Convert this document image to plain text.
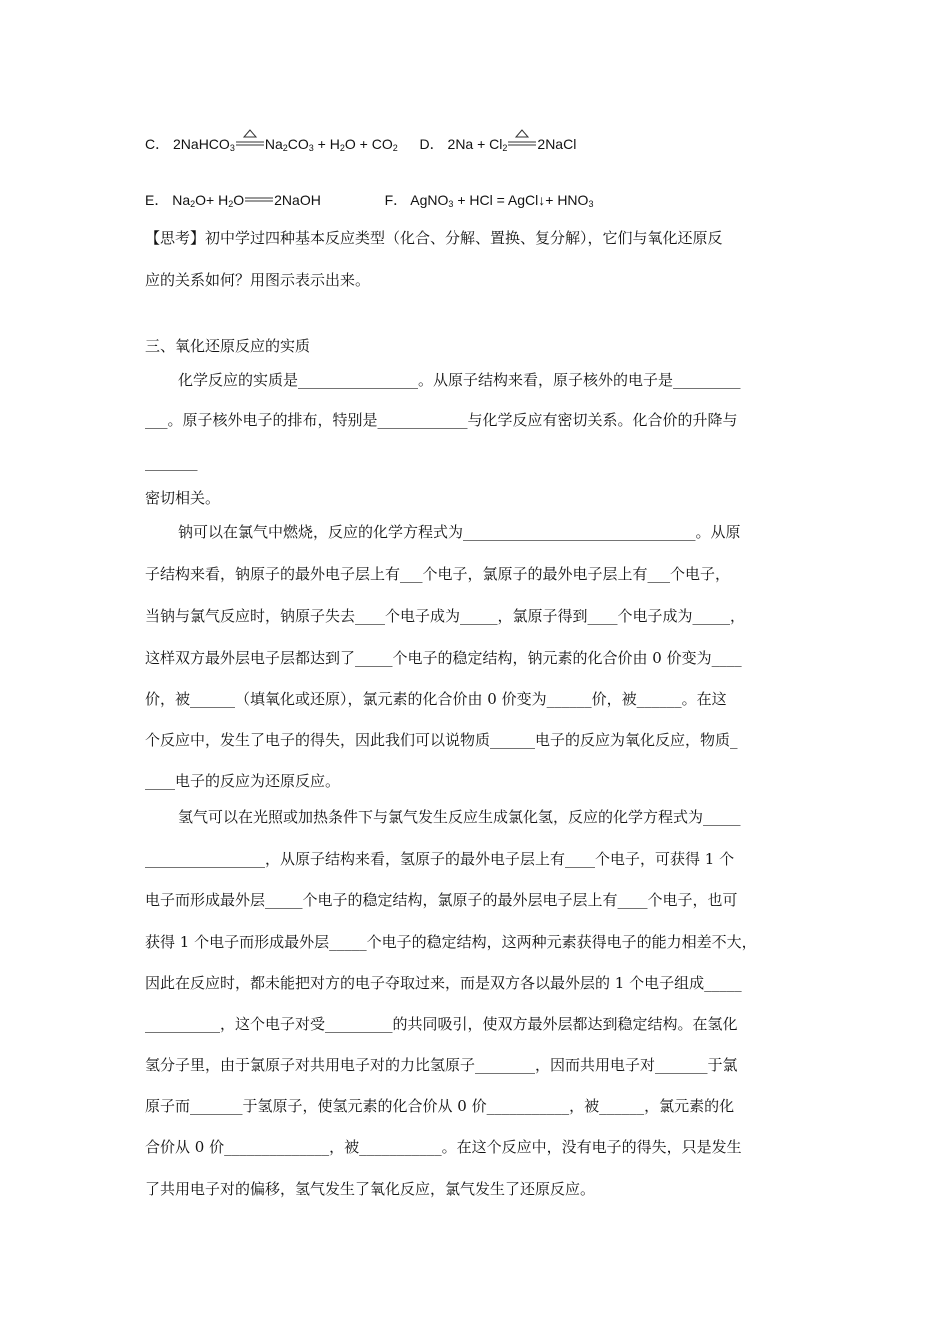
C． 2NaHCO$_3$ $Na_2CO_3 + H_2O + CO_2$ D． $2Na + Cl_2$ 2NaCl
E． $Na_2O+ H_2O$ 2NaOH	F． AgNO$_3$ + HCl = AgCl↓+ $HNO_3$
【思考】初中学过四种基本反应类型（化合、分解、置换、复分解），它们与氧化还原反
应的关系如何？用图示表示出来。
三、氧化还原反应的实质
化学反应的实质是________________。从原子结构来看，原子核外的电子是_________
___。原子核外电子的排布，特别是____________与化学反应有密切关系。化合价的升降与
_______
密切相关。
钠可以在氯气中燃烧，反应的化学方程式为_______________________________。从原
子结构来看，钠原子的最外电子层上有___个电子，氯原子的最外电子层上有___个电子，
当钠与氯气反应时，钠原子失去____个电子成为_____，氯原子得到____个电子成为_____，
这样双方最外层电子层都达到了_____个电子的稳定结构，钠元素的化合价由 0 价变为____
价，被______（填氧化或还原），氯元素的化合价由 0 价变为______价，被______。在这
个反应中，发生了电子的得失，因此我们可以说物质______电子的反应为氧化反应，物质_
____电子的反应为还原反应。
氢气可以在光照或加热条件下与氯气发生反应生成氯化氢，反应的化学方程式为_____
________________，从原子结构来看，氢原子的最外电子层上有____个电子，可获得 1 个
电子而形成最外层_____个电子的稳定结构，氯原子的最外层电子层上有____个电子，也可
获得 1 个电子而形成最外层_____个电子的稳定结构，这两种元素获得电子的能力相差不大，
因此在反应时，都未能把对方的电子夺取过来，而是双方各以最外层的 1 个电子组成_____
__________，这个电子对受_________的共同吸引，使双方最外层都达到稳定结构。在氢化
氢分子里，由于氯原子对共用电子对的力比氢原子________，因而共用电子对_______于氯
原子而_______于氢原子，使氢元素的化合价从 0 价___________，被______，氯元素的化
合价从 0 价______________，被___________。在这个反应中，没有电子的得失，只是发生
了共用电子对的偏移，氢气发生了氧化反应，氯气发生了还原反应。
